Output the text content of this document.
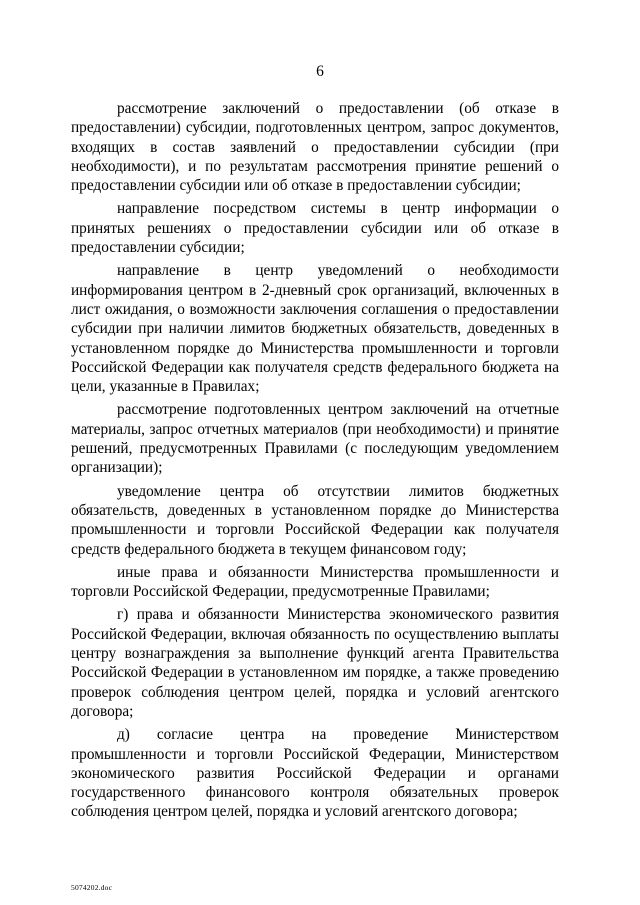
6

рассмотрение заключений о предоставлении (об отказе в предоставлении) субсидии, подготовленных центром, запрос документов, входящих в состав заявлений о предоставлении субсидии (при необходимости), и по результатам рассмотрения принятие решений о предоставлении субсидии или об отказе в предоставлении субсидии;

направление посредством системы в центр информации о принятых решениях о предоставлении субсидии или об отказе в предоставлении субсидии;

направление в центр уведомлений о необходимости информирования центром в 2-дневный срок организаций, включенных в лист ожидания, о возможности заключения соглашения о предоставлении субсидии при наличии лимитов бюджетных обязательств, доведенных в установленном порядке до Министерства промышленности и торговли Российской Федерации как получателя средств федерального бюджета на цели, указанные в Правилах;

рассмотрение подготовленных центром заключений на отчетные материалы, запрос отчетных материалов (при необходимости) и принятие решений, предусмотренных Правилами (с последующим уведомлением организации);

уведомление центра об отсутствии лимитов бюджетных обязательств, доведенных в установленном порядке до Министерства промышленности и торговли Российской Федерации как получателя средств федерального бюджета в текущем финансовом году;

иные права и обязанности Министерства промышленности и торговли Российской Федерации, предусмотренные Правилами;

г) права и обязанности Министерства экономического развития Российской Федерации, включая обязанность по осуществлению выплаты центру вознаграждения за выполнение функций агента Правительства Российской Федерации в установленном им порядке, а также проведению проверок соблюдения центром целей, порядка и условий агентского договора;

д) согласие центра на проведение Министерством промышленности и торговли Российской Федерации, Министерством экономического развития Российской Федерации и органами государственного финансового контроля обязательных проверок соблюдения центром целей, порядка и условий агентского договора;

5074202.doc
